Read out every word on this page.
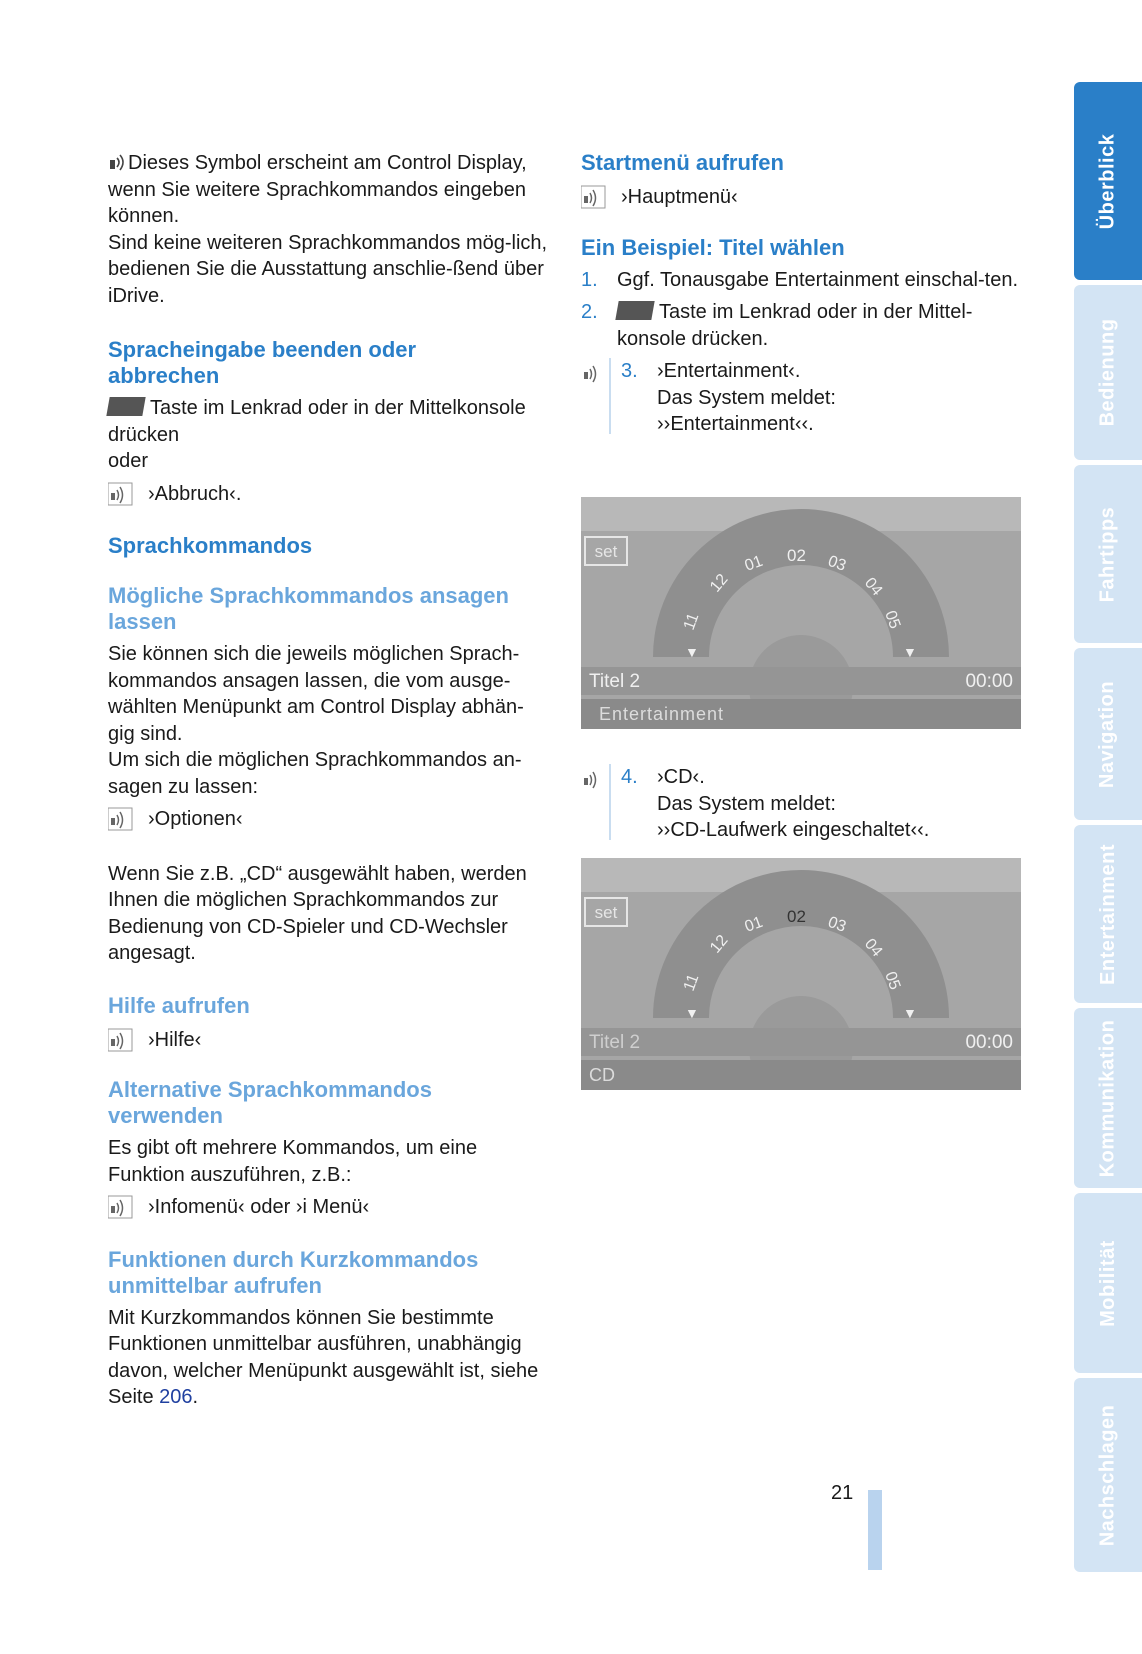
Dieses Symbol erscheint am Control Display, wenn Sie weitere Sprachkommandos eingeben können.
Sind keine weiteren Sprachkommandos mög-lich, bedienen Sie die Ausstattung anschlie-ßend über iDrive.

Spracheingabe beenden oder abbrechen

Taste im Lenkrad oder in der Mittelkonsole drücken
oder

›Abbruch‹.

Sprachkommandos
Mögliche Sprachkommandos ansagen lassen

Sie können sich die jeweils möglichen Sprach-kommandos ansagen lassen, die vom ausge-wählten Menüpunkt am Control Display abhän-gig sind.

Um sich die möglichen Sprachkommandos an-sagen zu lassen:

›Optionen‹

Wenn Sie z.B. „CD“ ausgewählt haben, werden Ihnen die möglichen Sprachkommandos zur Bedienung von CD-Spieler und CD-Wechsler angesagt.

Hilfe aufrufen

›Hilfe‹

Alternative Sprachkommandos verwenden

Es gibt oft mehrere Kommandos, um eine Funktion auszuführen, z.B.:

›Infomenü‹ oder ›i Menü‹

Funktionen durch Kurzkommandos unmittelbar aufrufen

Mit Kurzkommandos können Sie bestimmte Funktionen unmittelbar ausführen, unabhängig davon, welcher Menüpunkt ausgewählt ist, siehe Seite 206.

Startmenü aufrufen

›Hauptmenü‹

Ein Beispiel: Titel wählen
1. Ggf. Tonausgabe Entertainment einschal-ten.
2.	Taste im Lenkrad oder in der Mittel-konsole drücken.
3. ›Entertainment‹.
Das System meldet:
››Entertainment‹‹.
CD
◂	▸
set
11
12
01 02 03
04
05
▼	▼
Titel 2	00:00
Entertainment
4. ›CD‹.
Das System meldet:
››CD-Laufwerk eingeschaltet‹‹.
CD
◂	▸
set
11
12
01 02 03
04
05
▼	▼
Titel 2	00:00
CD
Überblick
Bedienung
Fahrtipps
Navigation
Entertainment
Kommunikation
Mobilität
Nachschlagen
21
